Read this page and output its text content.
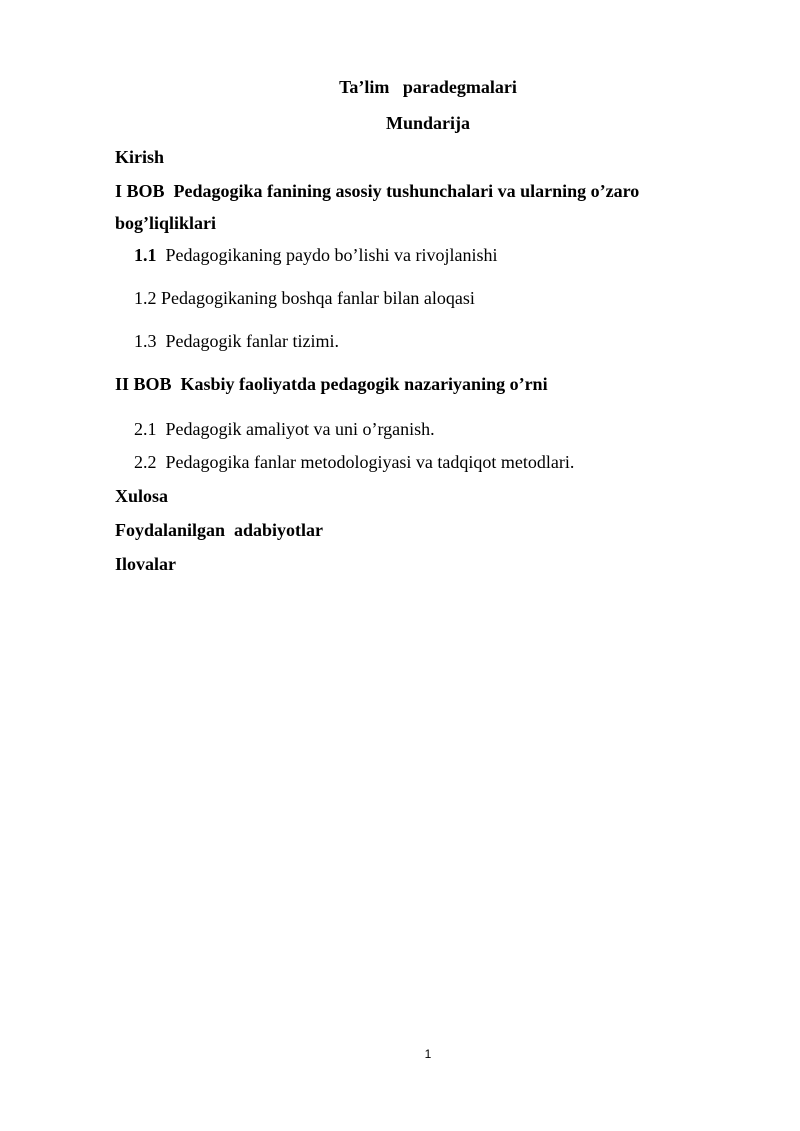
Ta’lim   paradegmalari
Mundarija
Kirish
I BOB  Pedagogika fanining asosiy tushunchalari va ularning o’zaro
bog’liqliklari
1.1  Pedagogikaning paydo bo’lishi va rivojlanishi
1.2 Pedagogikaning boshqa fanlar bilan aloqasi
1.3  Pedagogik fanlar tizimi.
II BOB  Kasbiy faoliyatda pedagogik nazariyaning o’rni
2.1  Pedagogik amaliyot va uni o’rganish.
2.2  Pedagogika fanlar metodologiyasi va tadqiqot metodlari.
Xulosa
Foydalanilgan  adabiyotlar
Ilovalar
1
